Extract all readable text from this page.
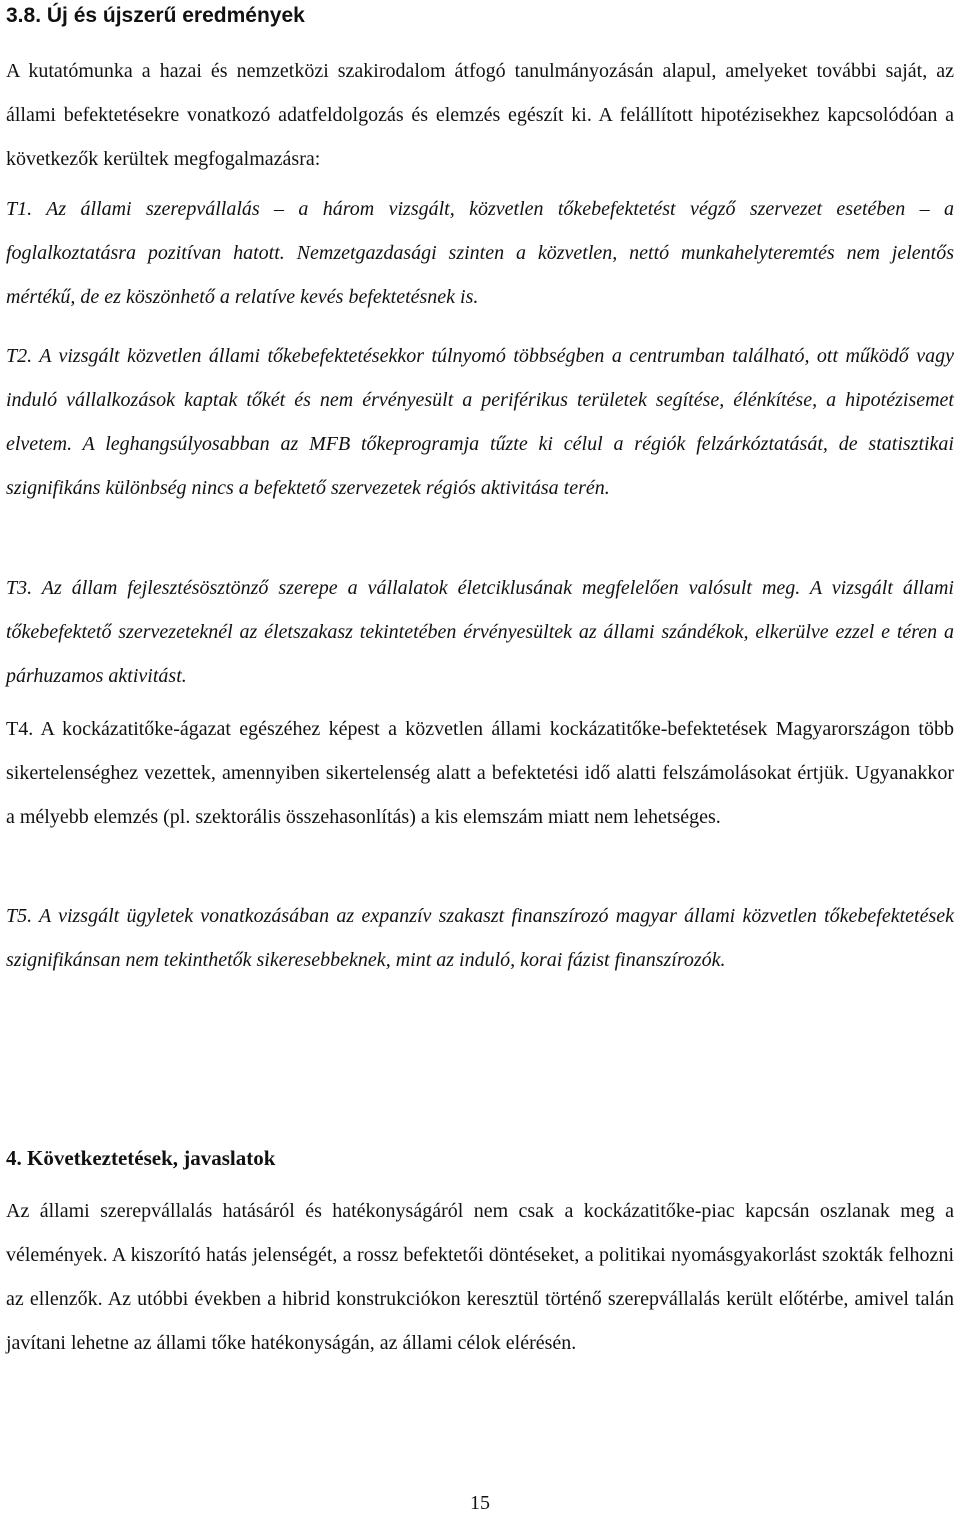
3.8. Új és újszerű eredmények

A kutatómunka a hazai és nemzetközi szakirodalom átfogó tanulmányozásán alapul, amelyeket további saját, az állami befektetésekre vonatkozó adatfeldolgozás és elemzés egészít ki. A felállított hipotézisekhez kapcsolódóan a következők kerültek megfogalmazásra:

T1. Az állami szerepvállalás – a három vizsgált, közvetlen tőkebefektetést végző szervezet esetében – a foglalkoztatásra pozitívan hatott. Nemzetgazdasági szinten a közvetlen, nettó munkahelyteremtés nem jelentős mértékű, de ez köszönhető a relatíve kevés befektetésnek is.

T2. A vizsgált közvetlen állami tőkebefektetésekkor túlnyomó többségben a centrumban található, ott működő vagy induló vállalkozások kaptak tőkét és nem érvényesült a periférikus területek segítése, élénkítése, a hipotézisemet elvetem. A leghangsúlyosabban az MFB tőkeprogramja tűzte ki célul a régiók felzárkóztatását, de statisztikai szignifikáns különbség nincs a befektető szervezetek régiós aktivitása terén.

T3. Az állam fejlesztésösztönző szerepe a vállalatok életciklusának megfelelően valósult meg. A vizsgált állami tőkebefektető szervezeteknél az életszakasz tekintetében érvényesültek az állami szándékok, elkerülve ezzel e téren a párhuzamos aktivitást.

T4. A kockázatitőke-ágazat egészéhez képest a közvetlen állami kockázatitőke-befektetések Magyarországon több sikertelenséghez vezettek, amennyiben sikertelenség alatt a befektetési idő alatti felszámolásokat értjük. Ugyanakkor a mélyebb elemzés (pl. szektorális összehasonlítás) a kis elemszám miatt nem lehetséges.

T5. A vizsgált ügyletek vonatkozásában az expanzív szakaszt finanszírozó magyar állami közvetlen tőkebefektetések szignifikánsan nem tekinthetők sikeresebbeknek, mint az induló, korai fázist finanszírozók.

4. Következtetések, javaslatok

Az állami szerepvállalás hatásáról és hatékonyságáról nem csak a kockázatitőke-piac kapcsán oszlanak meg a vélemények. A kiszorító hatás jelenségét, a rossz befektetői döntéseket, a politikai nyomásgyakorlást szokták felhozni az ellenzők. Az utóbbi években a hibrid konstrukciókon keresztül történő szerepvállalás került előtérbe, amivel talán javítani lehetne az állami tőke hatékonyságán, az állami célok elérésén.

15
